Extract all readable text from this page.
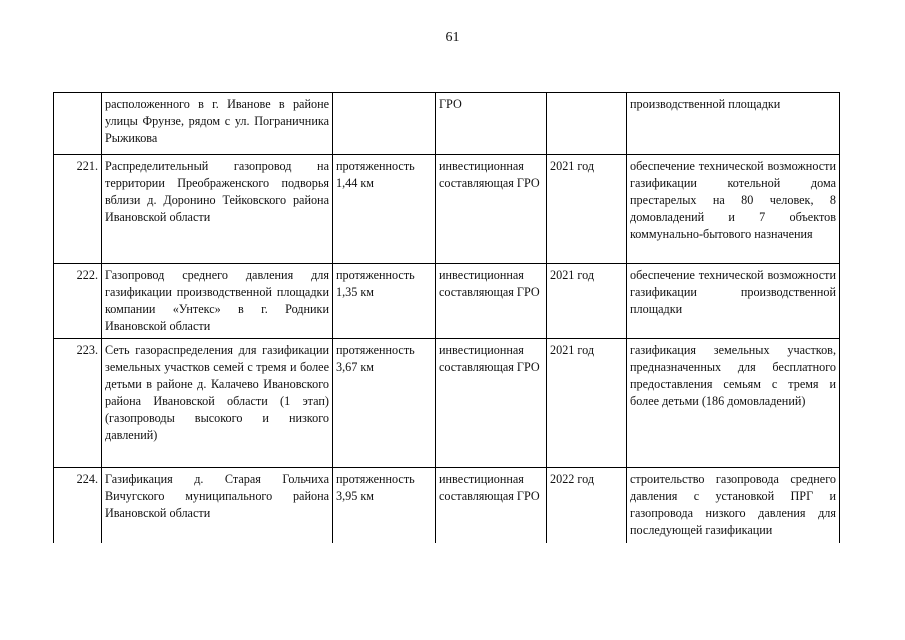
61
	расположенного в г. Иванове в районе улицы Фрунзе, рядом с ул. Пограничника Рыжикова		ГРО		производственной площадки
221.	Распределительный газопровод на территории Преображенского подворья вблизи д. Доронино Тейковского района Ивановской области	протяженность 1,44 км	инвестиционная составляющая ГРО	2021 год	обеспечение технической возможности газификации котельной дома престарелых на 80 человек, 8 домовладений и 7 объектов коммунально-бытового назначения
222.	Газопровод среднего давления для газификации производственной площадки компании «Унтекс» в г. Родники Ивановской области	протяженность 1,35 км	инвестиционная составляющая ГРО	2021 год	обеспечение технической возможности газификации производственной площадки
223.	Сеть газораспределения для газификации земельных участков семей с тремя и более детьми в районе д. Калачево Ивановского района Ивановской области (1 этап) (газопроводы высокого и низкого давлений)	протяженность 3,67 км	инвестиционная составляющая ГРО	2021 год	газификация земельных участков, предназначенных для бесплатного предоставления семьям с тремя и более детьми (186 домовладений)
224.	Газификация д. Старая Гольчиха Вичугского муниципального района Ивановской области	протяженность 3,95 км	инвестиционная составляющая ГРО	2022 год	строительство газопровода среднего давления с установкой ПРГ и газопровода низкого давления для последующей газификации
